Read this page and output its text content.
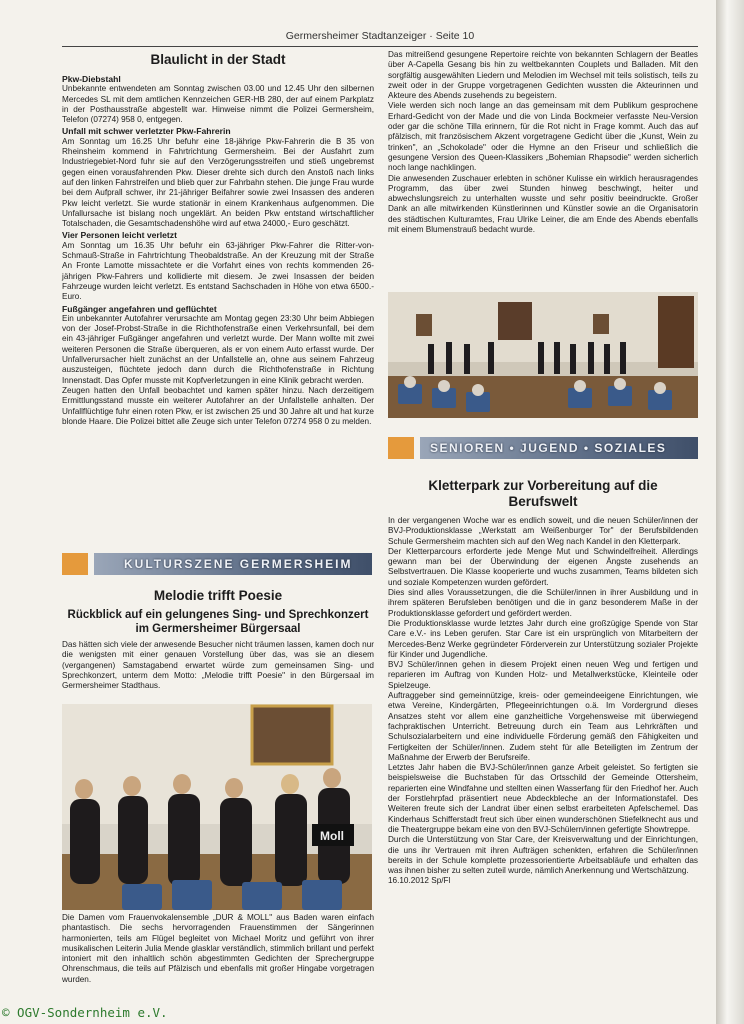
Germersheimer Stadtanzeiger · Seite 10
Blaulicht in der Stadt

Pkw-Diebstahl

Unbekannte entwendeten am Sonntag zwischen 03.00 und 12.45 Uhr den silbernen Mercedes SL mit dem amtlichen Kennzeichen GER-HB 280, der auf einem Parkplatz in der Posthausstraße abgestellt war. Hinweise nimmt die Polizei Germersheim, Telefon (07274) 958 0, entgegen.

Unfall mit schwer verletzter Pkw-Fahrerin

Am Sonntag um 16.25 Uhr befuhr eine 18-jährige Pkw-Fahrerin die B 35 von Rheinsheim kommend in Fahrtrichtung Germersheim. Bei der Ausfahrt zum Industriegebiet-Nord fuhr sie auf den Verzögerungsstreifen und stieß ungebremst gegen einen vorausfahrenden Pkw. Dieser drehte sich durch den Anstoß nach links auf den linken Fahrstreifen und blieb quer zur Fahrbahn stehen. Die junge Frau wurde bei dem Aufprall schwer, ihr 21-jähriger Beifahrer sowie zwei Insassen des anderen Pkw leicht verletzt. Sie wurde stationär in einem Krankenhaus aufgenommen. Die Unfallursache ist bislang noch ungeklärt. An beiden Pkw entstand wirtschaftlicher Totalschaden, die Gesamtschadenshöhe wird auf etwa 24000,- Euro geschätzt.

Vier Personen leicht verletzt

Am Sonntag um 16.35 Uhr befuhr ein 63-jähriger Pkw-Fahrer die Ritter-von-Schmauß-Straße in Fahrtrichtung Theobaldstraße. An der Kreuzung mit der Straße An Fronte Lamotte missachtete er die Vorfahrt eines von rechts kommenden 26-jährigen Pkw-Fahrers und kollidierte mit diesem. Je zwei Insassen der beiden Fahrzeuge wurden leicht verletzt. Es entstand Sachschaden in Höhe von etwa 6500.- Euro.

Fußgänger angefahren und geflüchtet

Ein unbekannter Autofahrer verursachte am Montag gegen 23:30 Uhr beim Abbiegen von der Josef-Probst-Straße in die Richthofenstraße einen Verkehrsunfall, bei dem ein 43-jähriger Fußgänger angefahren und verletzt wurde. Der Mann wollte mit zwei weiteren Personen die Straße überqueren, als er von einem Auto erfasst wurde. Der Unfallverursacher hielt zunächst an der Unfallstelle an, ohne aus seinem Fahrzeug auszusteigen, flüchtete jedoch dann durch die Richthofenstraße in Richtung Innenstadt. Das Opfer musste mit Kopfverletzungen in eine Klinik gebracht werden.

Zeugen hatten den Unfall beobachtet und kamen später hinzu. Nach derzeitigem Ermittlungsstand musste ein weiterer Autofahrer an der Unfallstelle anhalten. Der Unfallflüchtige fuhr einen roten Pkw, er ist zwischen 25 und 30 Jahre alt und hat kurze blonde Haare. Die Polizei bittet alle Zeuge sich unter Telefon 07274 958 0 zu melden.

KULTURSZENE GERMERSHEIM
Melodie trifft Poesie
Rückblick auf ein gelungenes Sing- und Sprechkonzert im Germersheimer Bürgersaal

Das hätten sich viele der anwesende Besucher nicht träumen lassen, kamen doch nur die wenigsten mit einer genauen Vorstellung über das, was sie an diesem (vergangenen) Samstagabend erwartet würde zum gemeinsamen Sing- und Sprechkonzert, unterm dem Motto: „Melodie trifft Poesie" in den Bürgersaal im Germersheimer Stadthaus.

Moll

Die Damen vom Frauenvokalensemble „DUR & MOLL" aus Baden waren einfach phantastisch. Die sechs hervorragenden Frauenstimmen der Sängerinnen harmonierten, teils am Flügel begleitet von Michael Moritz und geführt von ihrer musikalischen Leiterin Julia Mende glasklar verständlich, stimmlich brillant und perfekt intoniert mit den inhaltlich schön abgestimmten Gedichten der Sprechergruppe Ohrenschmaus, die teils auf Pfälzisch und ebenfalls mit großer Hingabe vorgetragen wurden.

Das mitreißend gesungene Repertoire reichte von bekannten Schlagern der Beatles über A-Capella Gesang bis hin zu weltbekannten Couplets und Balladen. Mit den sorgfältig ausgewählten Liedern und Melodien im Wechsel mit teils solistisch, teils zu zweit oder in der Gruppe vorgetragenen Gedichten wussten die Akteurinnen und Akteure des Abends zusehends zu begeistern.

Viele werden sich noch lange an das gemeinsam mit dem Publikum gesprochene Erhard-Gedicht von der Made und die von Linda Bockmeier verfasste Neu-Version oder gar die schöne Tilla erinnern, für die Rot nicht in Frage kommt. Auch das auf pfälzisch, mit französischem Akzent vorgetragene Gedicht über die „Kunst, Wein zu trinken", an „Schokolade" oder die Hymne an den Friseur und schließlich die gesungene Version des Queen-Klassikers „Bohemian Rhapsodie" werden sicherlich noch lange nachklingen.

Die anwesenden Zuschauer erlebten in schöner Kulisse ein wirklich herausragendes Programm, das über zwei Stunden hinweg beschwingt, heiter und abwechslungsreich zu unterhalten wusste und sehr positiv beeindruckte. Großer Dank an alle mitwirkenden Künstlerinnen und Künstler sowie an die Organisatorin des städtischen Kulturamtes, Frau Ulrike Leiner, die am Ende des Abends ebenfalls mit einem Blumenstrauß bedacht wurde.

SENIOREN • JUGEND • SOZIALES
Kletterpark zur Vorbereitung auf die Berufswelt

In der vergangenen Woche war es endlich soweit, und die neuen Schüler/innen der BVJ-Produktionsklasse „Werkstatt am Weißenburger Tor" der Berufsbildenden Schule Germersheim machten sich auf den Weg nach Kandel in den Kletterpark.

Der Kletterparcours erforderte jede Menge Mut und Schwindelfreiheit. Allerdings gewann man bei der Überwindung der eigenen Ängste zusehends an Selbstvertrauen. Die Klasse kooperierte und wuchs zusammen, Teams bildeten sich und soziale Kompetenzen wurden gefördert.

Dies sind alles Voraussetzungen, die die Schüler/innen in ihrer Ausbildung und in ihrem späteren Berufsleben benötigen und die in ganz besonderem Maße in der Produktionsklasse gefordert und gefördert werden.

Die Produktionsklasse wurde letztes Jahr durch eine großzügige Spende von Star Care e.V.- ins Leben gerufen. Star Care ist ein ursprünglich von Mitarbeitern der Mercedes-Benz Werke gegründeter Förderverein zur Unterstützung sozialer Projekte für Kinder und Jugendliche.

BVJ Schüler/innen gehen in diesem Projekt einen neuen Weg und fertigen und reparieren im Auftrag von Kunden Holz- und Metallwerkstücke, Kleinteile oder Spielzeuge.

Auftraggeber sind gemeinnützige, kreis- oder gemeindeeigene Einrichtungen, wie etwa Vereine, Kindergärten, Pflegeeinrichtungen o.ä. Im Vordergrund dieses Ansatzes steht vor allem eine ganzheitliche Vorgehensweise mit überwiegend fachpraktischen Unterricht. Betreuung durch ein Team aus Lehrkräften und Schulsozialarbeitern und eine individuelle Förderung gemäß den Fähigkeiten und Fertigkeiten der Schüler/innen. Zudem steht für alle Beteiligten im Zentrum der Maßnahme der Erwerb der Berufsreife.

Letztes Jahr haben die BVJ-Schüler/innen ganze Arbeit geleistet. So fertigten sie beispielsweise die Buchstaben für das Ortsschild der Gemeinde Ottersheim, reparierten eine Windfahne und stellten einen Wasserfang für den Friedhof her. Auch der Forstlehrpfad präsentiert neue Abdeckbleche an der Informationstafel. Des Weiteren freute sich der Landrat über einen selbst erarbeiteten Apfelschemel. Das Kinderhaus Schifferstadt freut sich über einen wunderschönen Stiefelknecht aus und die Theatergruppe bekam eine von den BVJ-Schülern/innen gefertigte Showtreppe.

Durch die Unterstützung von Star Care, der Kreisverwaltung und der Einrichtungen, die uns ihr Vertrauen mit ihren Aufträgen schenkten, erfahren die Schüler/innen bereits in der Schule komplette prozessorientierte Arbeitsabläufe und erhalten das was ihnen bisher zu selten zuteil wurde, nämlich Anerkennung und Wertschätzung.

16.10.2012 Sp/Fl

© OGV-Sondernheim e.V.
